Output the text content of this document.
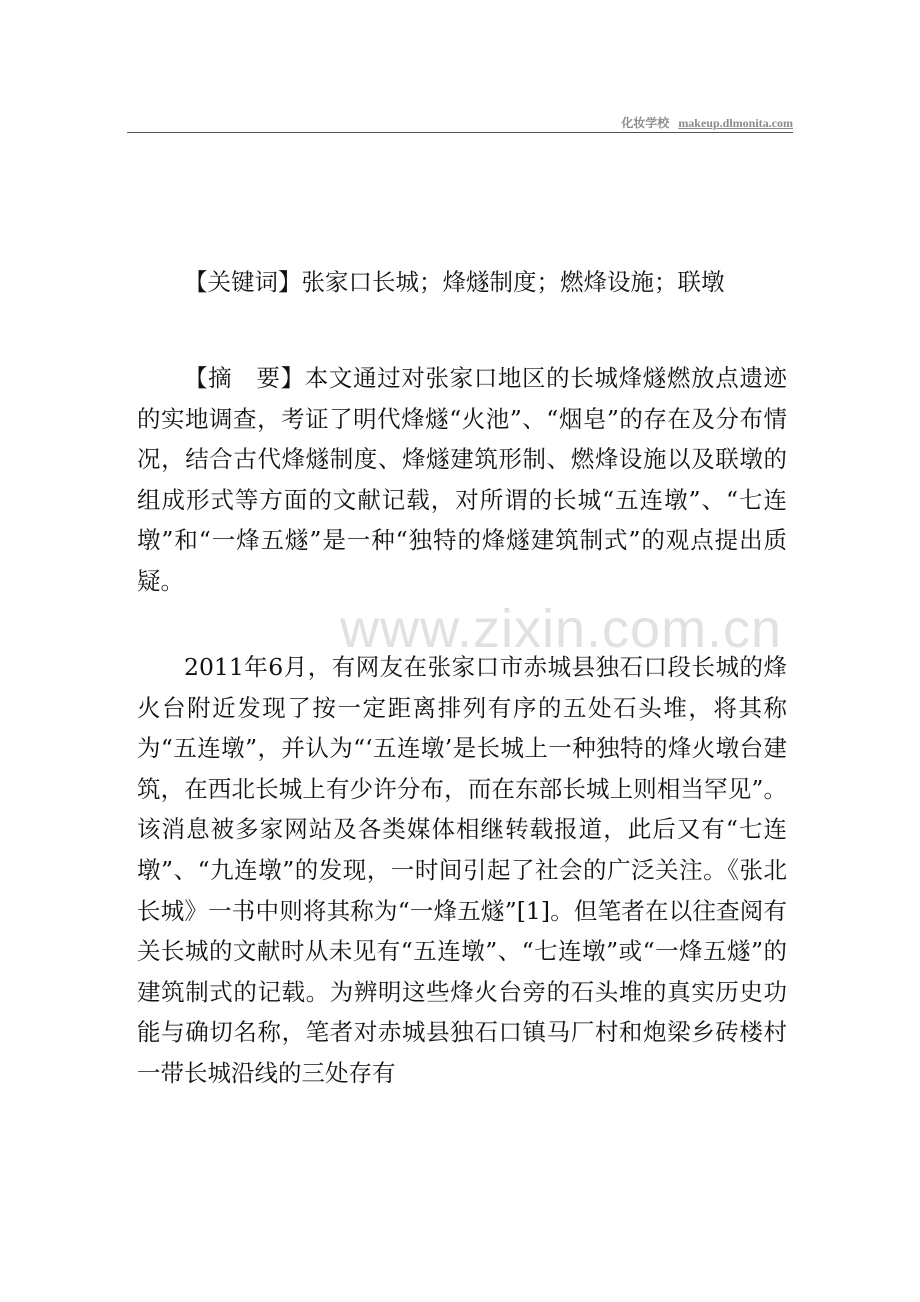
化妆学校 makeup.dlmonita.com

【关键词】张家口长城；烽燧制度；燃烽设施；联墩

【摘　要】本文通过对张家口地区的长城烽燧燃放点遗迹的实地调查，考证了明代烽燧“火池”、“烟皂”的存在及分布情况，结合古代烽燧制度、烽燧建筑形制、燃烽设施以及联墩的组成形式等方面的文献记载，对所谓的长城“五连墩”、“七连墩”和“一烽五燧”是一种“独特的烽燧建筑制式”的观点提出质疑。

2011年6月，有网友在张家口市赤城县独石口段长城的烽火台附近发现了按一定距离排列有序的五处石头堆，将其称为“五连墩”，并认为“‘五连墩’是长城上一种独特的烽火墩台建筑，在西北长城上有少许分布，而在东部长城上则相当罕见”。该消息被多家网站及各类媒体相继转载报道，此后又有“七连墩”、“九连墩”的发现，一时间引起了社会的广泛关注。《张北长城》一书中则将其称为“一烽五燧”[1]。但笔者在以往查阅有关长城的文献时从未见有“五连墩”、“七连墩”或“一烽五燧”的建筑制式的记载。为辨明这些烽火台旁的石头堆的真实历史功能与确切名称，笔者对赤城县独石口镇马厂村和炮梁乡砖楼村一带长城沿线的三处存有

www.zixin.com.cn
